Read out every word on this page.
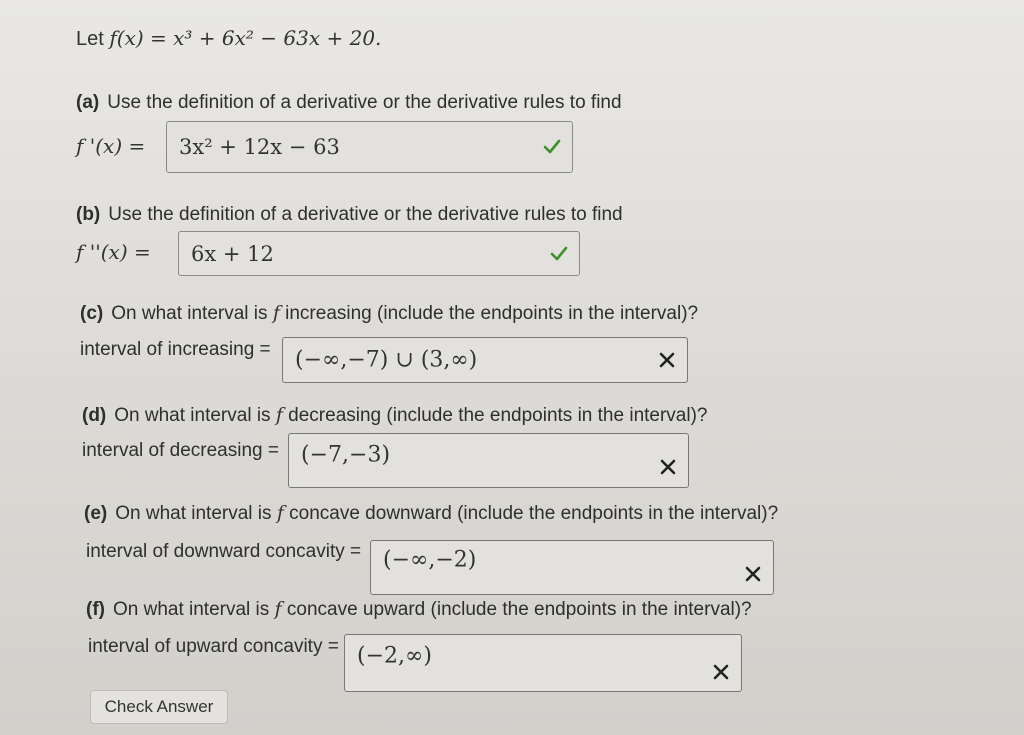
Let f(x) = x³ + 6x² − 63x + 20.
(a) Use the definition of a derivative or the derivative rules to find
f '(x) = 3x² + 12x − 63
(b) Use the definition of a derivative or the derivative rules to find
f ''(x) = 6x + 12
(c) On what interval is f increasing (include the endpoints in the interval)?
interval of increasing = (−∞,−7) ∪ (3,∞)
(d) On what interval is f decreasing (include the endpoints in the interval)?
interval of decreasing = (−7,−3)
(e) On what interval is f concave downward (include the endpoints in the interval)?
interval of downward concavity = (−∞,−2)
(f) On what interval is f concave upward (include the endpoints in the interval)?
interval of upward concavity = (−2,∞)
Check Answer
